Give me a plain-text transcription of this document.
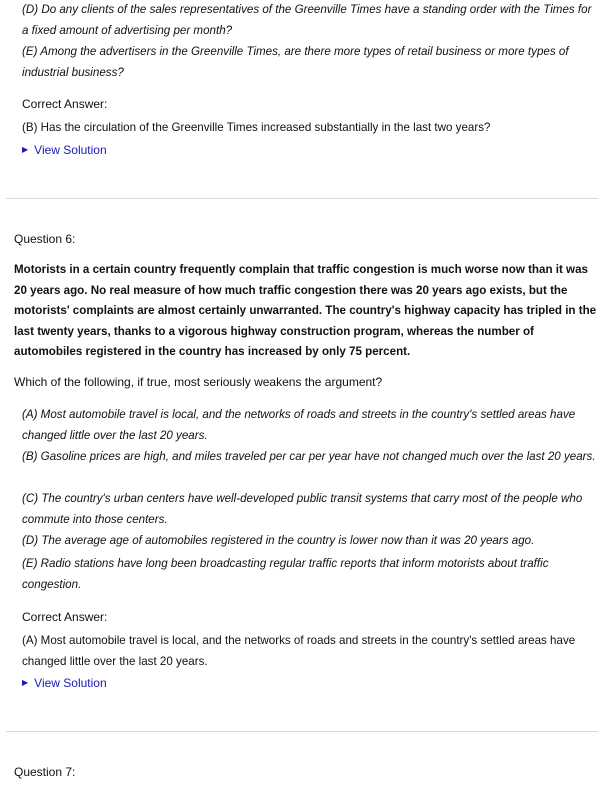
(D) Do any clients of the sales representatives of the Greenville Times have a standing order with the Times for a fixed amount of advertising per month?

(E) Among the advertisers in the Greenville Times, are there more types of retail business or more types of industrial business?

Correct Answer:

(B) Has the circulation of the Greenville Times increased substantially in the last two years?

▶ View Solution

Question 6:

Motorists in a certain country frequently complain that traffic congestion is much worse now than it was 20 years ago. No real measure of how much traffic congestion there was 20 years ago exists, but the motorists' complaints are almost certainly unwarranted. The country's highway capacity has tripled in the last twenty years, thanks to a vigorous highway construction program, whereas the number of automobiles registered in the country has increased by only 75 percent.

Which of the following, if true, most seriously weakens the argument?

(A) Most automobile travel is local, and the networks of roads and streets in the country's settled areas have changed little over the last 20 years.

(B) Gasoline prices are high, and miles traveled per car per year have not changed much over the last 20 years.

(C) The country's urban centers have well-developed public transit systems that carry most of the people who commute into those centers.

(D) The average age of automobiles registered in the country is lower now than it was 20 years ago.

(E) Radio stations have long been broadcasting regular traffic reports that inform motorists about traffic congestion.

Correct Answer:

(A) Most automobile travel is local, and the networks of roads and streets in the country's settled areas have changed little over the last 20 years.

▶ View Solution

Question 7:
